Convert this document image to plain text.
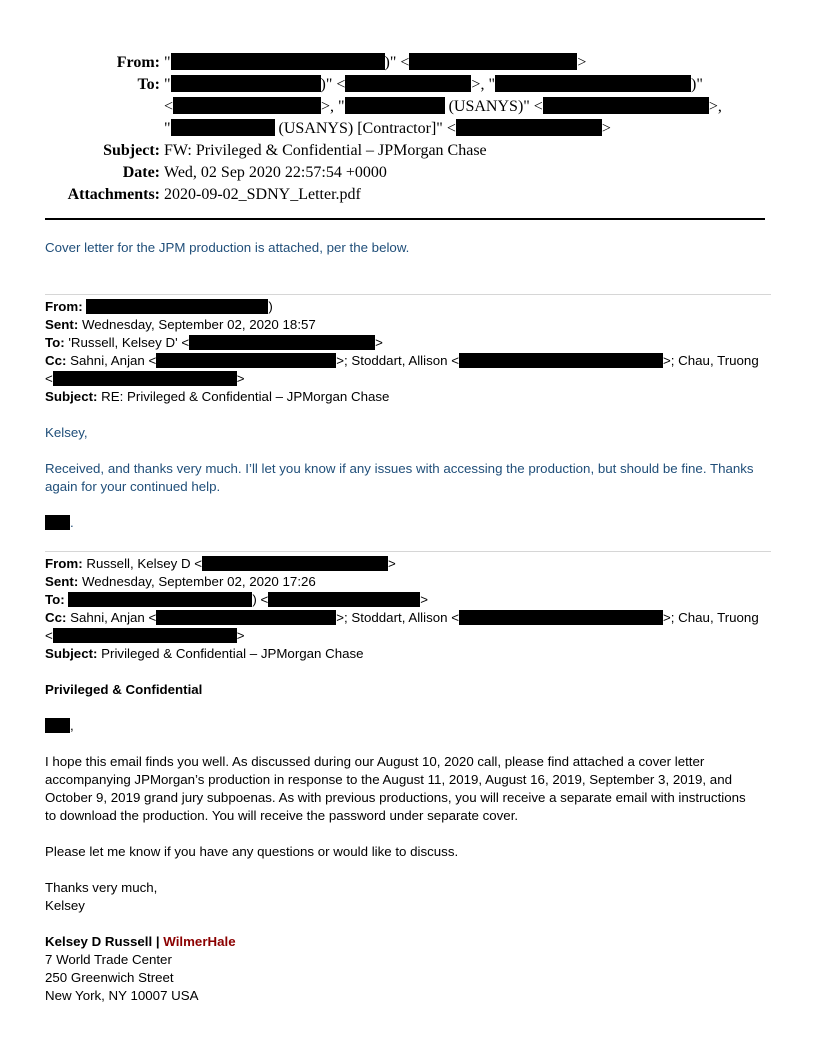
From: "	)" <	>
To: "	)" <	>, "	)"
<	>, "	(USANYS)" <	>,
"	(USANYS) [Contractor]" <	>
Subject: FW: Privileged & Confidential – JPMorgan Chase
Date: Wed, 02 Sep 2020 22:57:54 +0000
Attachments: 2020-09-02_SDNY_Letter.pdf
Cover letter for the JPM production is attached, per the below.
From:	)
Sent: Wednesday, September 02, 2020 18:57
To: 'Russell, Kelsey D' <	>
Cc: Sahni, Anjan <	>; Stoddart, Allison <	>; Chau, Truong
<	>
Subject: RE: Privileged & Confidential – JPMorgan Chase
Kelsey,
Received, and thanks very much. I’ll let you know if any issues with accessing the production, but should be fine. Thanks
again for your continued help.
.
From: Russell, Kelsey D <	>
Sent: Wednesday, September 02, 2020 17:26
To:	) <	>
Cc: Sahni, Anjan <	>; Stoddart, Allison <	>; Chau, Truong
<	>
Subject: Privileged & Confidential – JPMorgan Chase
Privileged & Confidential
,
I hope this email finds you well. As discussed during our August 10, 2020 call, please find attached a cover letter
accompanying JPMorgan’s production in response to the August 11, 2019, August 16, 2019, September 3, 2019, and
October 9, 2019 grand jury subpoenas. As with previous productions, you will receive a separate email with instructions
to download the production. You will receive the password under separate cover.
Please let me know if you have any questions or would like to discuss.
Thanks very much,
Kelsey
Kelsey D Russell | WilmerHale
7 World Trade Center
250 Greenwich Street
New York, NY 10007 USA
